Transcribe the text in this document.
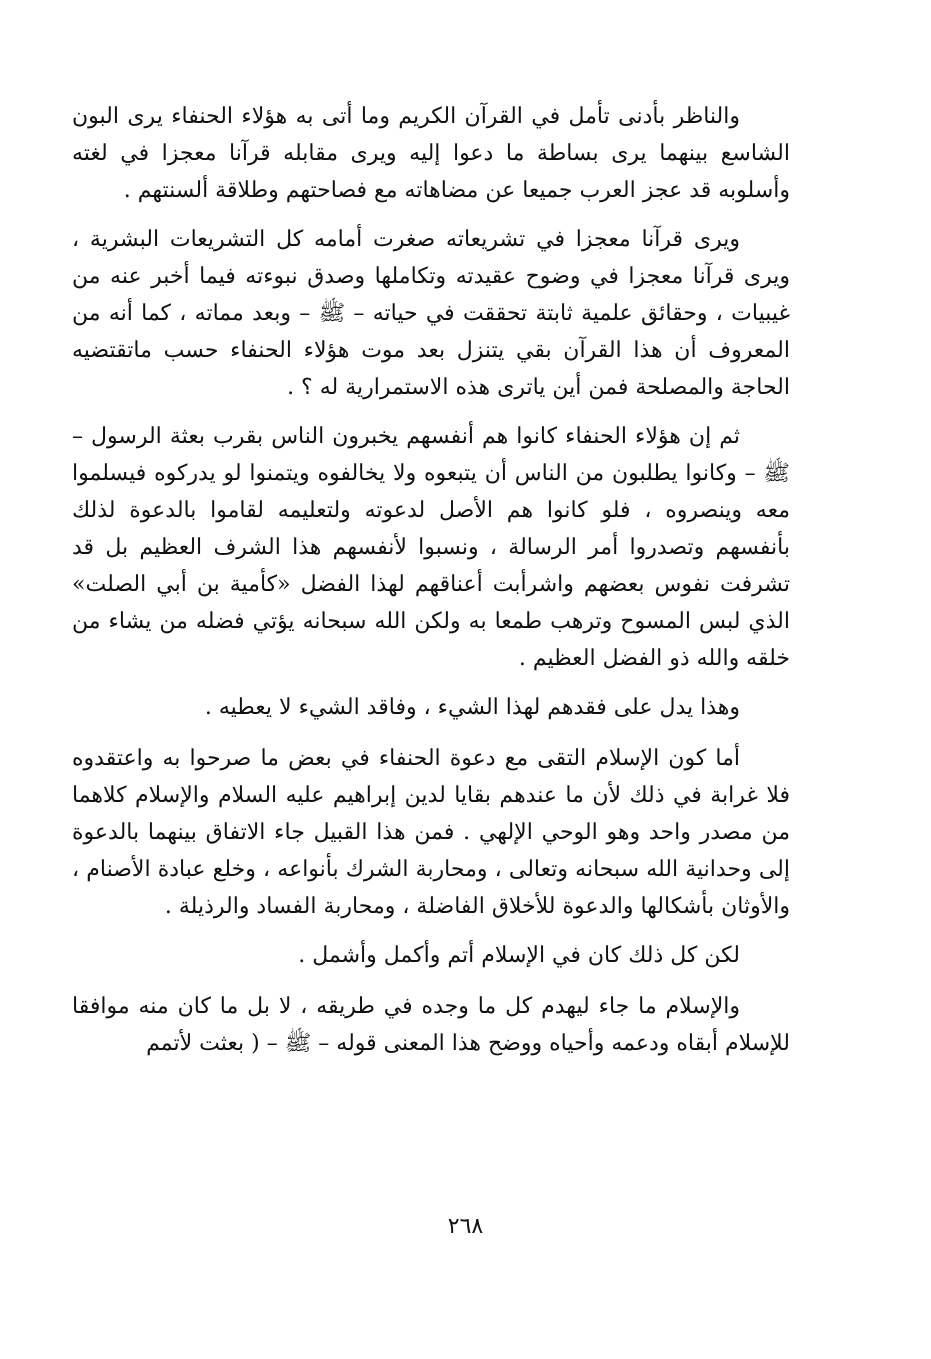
والناظر بأدنى تأمل في القرآن الكريم وما أتى به هؤلاء الحنفاء يرى البون الشاسع بينهما يرى بساطة ما دعوا إليه ويرى مقابله قرآنا معجزا في لغته وأسلوبه قد عجز العرب جميعا عن مضاهاته مع فصاحتهم وطلاقة ألسنتهم .

ويرى قرآنا معجزا في تشريعاته صغرت أمامه كل التشريعات البشرية ، ويرى قرآنا معجزا في وضوح عقيدته وتكاملها وصدق نبوءته فيما أخبر عنه من غيبيات ، وحقائق علمية ثابتة تحققت في حياته – ﷺ – وبعد مماته ، كما أنه من المعروف أن هذا القرآن بقي يتنزل بعد موت هؤلاء الحنفاء حسب ماتقتضيه الحاجة والمصلحة فمن أين ياترى هذه الاستمرارية له ؟ .

ثم إن هؤلاء الحنفاء كانوا هم أنفسهم يخبرون الناس بقرب بعثة الرسول – ﷺ – وكانوا يطلبون من الناس أن يتبعوه ولا يخالفوه ويتمنوا لو يدركوه فيسلموا معه وينصروه ، فلو كانوا هم الأصل لدعوته ولتعليمه لقاموا بالدعوة لذلك بأنفسهم وتصدروا أمر الرسالة ، ونسبوا لأنفسهم هذا الشرف العظيم بل قد تشرفت نفوس بعضهم واشرأبت أعناقهم لهذا الفضل «كأمية بن أبي الصلت» الذي لبس المسوح وترهب طمعا به ولكن الله سبحانه يؤتي فضله من يشاء من خلقه والله ذو الفضل العظيم .

وهذا يدل على فقدهم لهذا الشيء ، وفاقد الشيء لا يعطيه .

أما كون الإسلام التقى مع دعوة الحنفاء في بعض ما صرحوا به واعتقدوه فلا غرابة في ذلك لأن ما عندهم بقايا لدين إبراهيم عليه السلام والإسلام كلاهما من مصدر واحد وهو الوحي الإلهي . فمن هذا القبيل جاء الاتفاق بينهما بالدعوة إلى وحدانية الله سبحانه وتعالى ، ومحاربة الشرك بأنواعه ، وخلع عبادة الأصنام ، والأوثان بأشكالها والدعوة للأخلاق الفاضلة ، ومحاربة الفساد والرذيلة .

لكن كل ذلك كان في الإسلام أتم وأكمل وأشمل .

والإسلام ما جاء ليهدم كل ما وجده في طريقه ، لا بل ما كان منه موافقا للإسلام أبقاه ودعمه وأحياه ووضح هذا المعنى قوله – ﷺ – ( بعثت لأتمم

٢٦٨
